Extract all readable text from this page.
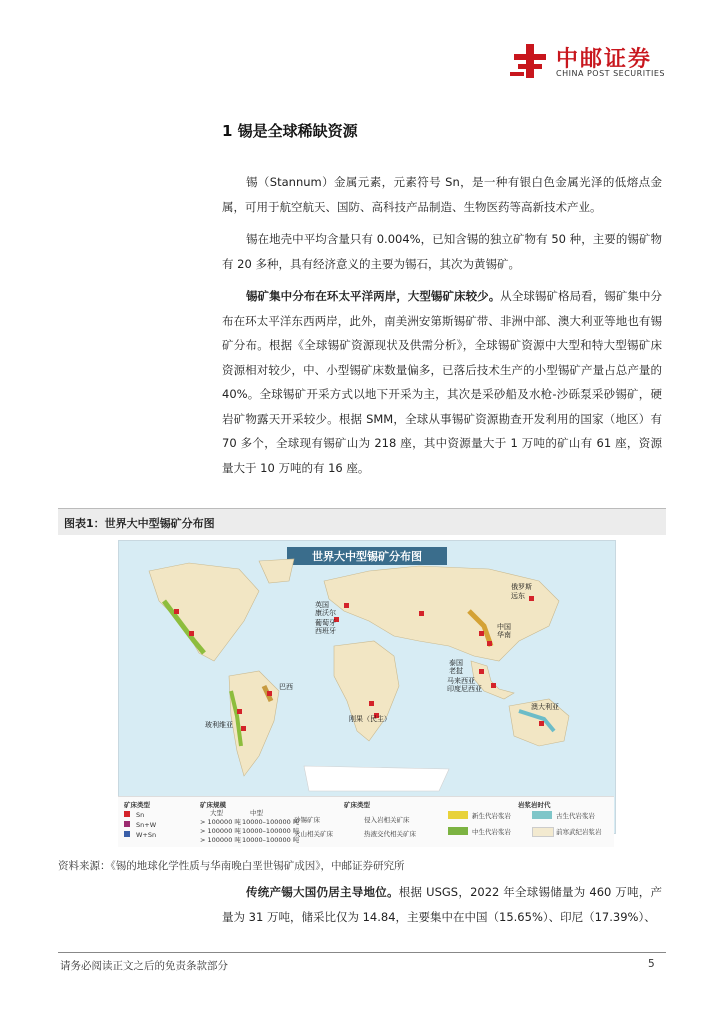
中邮证券
CHINA POST SECURITIES
1 锡是全球稀缺资源
锡（Stannum）金属元素，元素符号 Sn，是一种有银白色金属光泽的低熔点金属，可用于航空航天、国防、高科技产品制造、生物医药等高新技术产业。
锡在地壳中平均含量只有 0.004%，已知含锡的独立矿物有 50 种，主要的锡矿物有 20 多种，具有经济意义的主要为锡石，其次为黄锡矿。
锡矿集中分布在环太平洋两岸，大型锡矿床较少。从全球锡矿格局看，锡矿集中分布在环太平洋东西两岸，此外，南美洲安第斯锡矿带、非洲中部、澳大利亚等地也有锡矿分布。根据《全球锡矿资源现状及供需分析》，全球锡矿资源中大型和特大型锡矿床资源相对较少，中、小型锡矿床数量偏多，已落后技术生产的小型锡矿产量占总产量的 40%。全球锡矿开采方式以地下开采为主，其次是采砂船及水枪-沙砾泵采砂锡矿，硬岩矿物露天开采较少。根据 SMM，全球从事锡矿资源勘查开发利用的国家（地区）有 70 多个，全球现有锡矿山为 218 座，其中资源量大于 1 万吨的矿山有 61 座，资源量大于 10 万吨的有 16 座。
图表1：世界大中型锡矿分布图
世界大中型锡矿分布图
俄罗斯
远东
英国
康沃尔
葡萄牙
西班牙	中国
华南
泰国
老挝
马来西亚
印度尼西亚
巴西
玻利维亚
刚果（民主）
澳大利亚
矿床类型
Sn
Sn+W
W+Sn
矿床规模
大型	中型
> 100000 吨 10000–100000 吨
> 100000 吨 10000–100000 吨
> 100000 吨 10000–100000 吨
矿床类型
砂锡矿床	侵入岩相关矿床
火山相关矿床	热液交代相关矿床
岩浆岩时代
新生代岩浆岩	古生代岩浆岩
中生代岩浆岩	前寒武纪岩浆岩
资料来源：《锡的地球化学性质与华南晚白垩世锡矿成因》，中邮证券研究所
传统产锡大国仍居主导地位。根据 USGS，2022 年全球锡储量为 460 万吨，产量为 31 万吨，储采比仅为 14.84，主要集中在中国（15.65%）、印尼（17.39%）、
请务必阅读正文之后的免责条款部分	5
